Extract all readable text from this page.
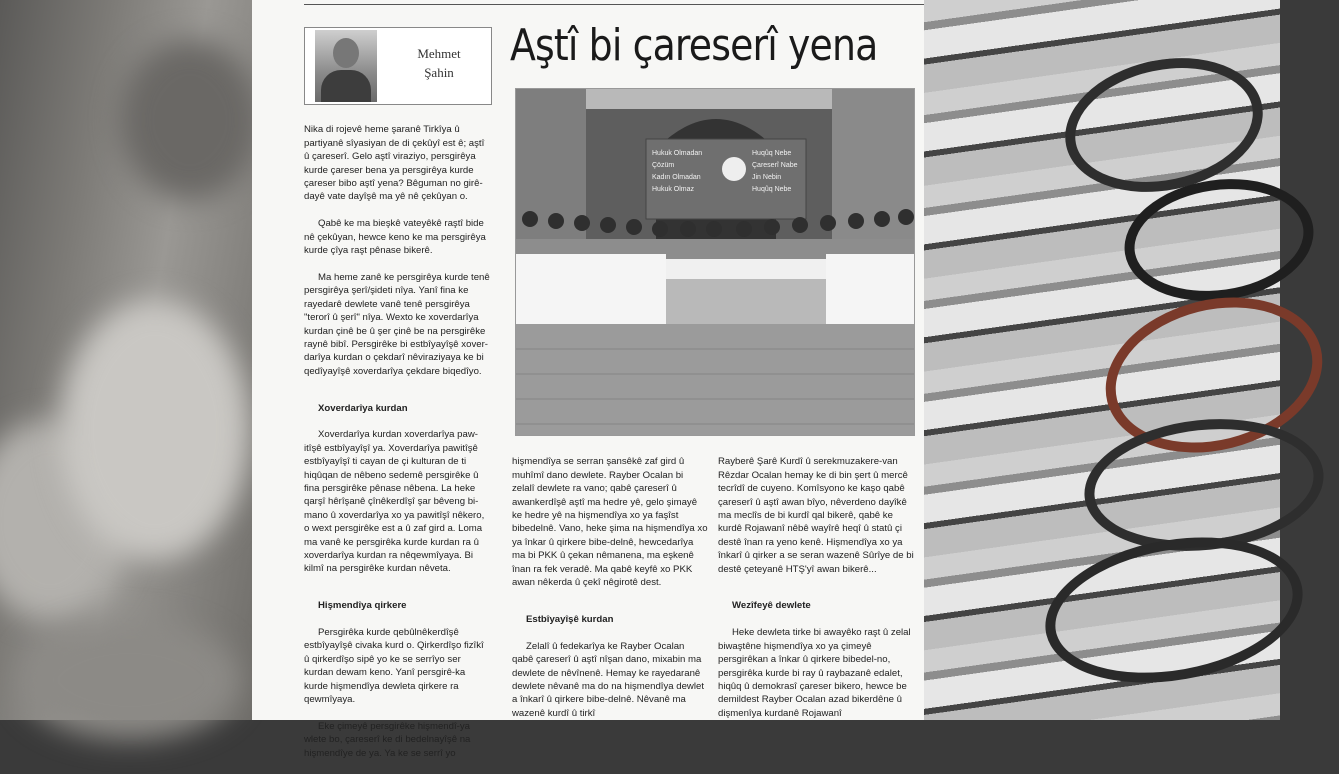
Mehmet
Şahin
Aştî bi çareserî yena
Hukuk Olmadan
Çözüm
Kadın Olmadan
Hukuk Olmaz
Huqûq Nebe
Çareserî Nabe
Jin Nebin
Huqûq Nebe

Nika di rojevê heme şaranê Tirkîya û partiyanê sîyasiyan de di çekûyî est ê; aştî û çareserî. Gelo aştî viraziyo, persgirêya kurde çareser bena ya persgirêya kurde çareser bibo aştî yena? Bêguman no girê-dayê vate dayîşê ma yê nê çekûyan o.

Qabê ke ma bieşkê vateyêkê raştî bide nê çekûyan, hewce keno ke ma persgirêya kurde çîya raşt pênase bikerê.

Ma heme zanê ke persgirêya kurde tenê persgirêya şerî/şideti nîya. Yanî fina ke rayedarê dewlete vanê tenê persgirêya "terorî û şerî" nîya. Wexto ke xoverdarîya kurdan çinê be û şer çinê be na persgirêke raynê bibî. Persgirêke bi estbîyayîşê xover-darîya kurdan o çekdarî nêviraziyaya ke bi qedîyayîşê xoverdarîya çekdare biqedîyo.

Xoverdarîya kurdan

Xoverdarîya kurdan xoverdarîya paw-itîşê estbîyayîşî ya. Xoverdarîya pawitîşê estbîyayîşî ti cayan de çi kulturan de ti hiqûqan de nêbeno sedemê persgirêke û fina persgirêke pênase nêbena. La heke qarşî hêrîşanê çînêkerdîşî şar bêveng bi-mano û xoverdarîya xo ya pawitîşî nêkero, o wext persgirêke est a û zaf gird a. Loma ma vanê ke persgirêka kurde kurdan ra û xoverdarîya kurdan ra nêqewmîyaya. Bi kilmî na persgirêke kurdan nêveta.

Hişmendîya qirkere

Persgirêka kurde qebûlnêkerdîşê estbîyayîşê civaka kurd o. Qirkerdîşo fizîkî û qirkerdîşo sipê yo ke se serrîyo ser kurdan dewam keno. Yanî persgirê-ka kurde hişmendîya dewleta qirkere ra qewmîyaya.

Eke çimeyê persgirêke hişmendî-ya wlete bo, çareserî ke di bedelnayîşê na hişmendîye de ya. Ya ke se serrî yo

hişmendîya se serran şansêkê zaf gird û muhîmî dano dewlete. Rayber Ocalan bi zelalî dewlete ra vano; qabê çareserî û awankerdîşê aştî ma hedre yê, gelo şimayê ke hedre yê na hişmendîya xo ya faşîst bibedelnê. Vano, heke şima na hişmendîya xo ya înkar û qirkere bibe-delnê, hewcedarîya ma bi PKK û çekan nêmanena, ma eşkenê înan ra fek veradê. Ma qabê keyfê xo PKK awan nêkerda û çekî nêgirotê dest.

Estbîyayîşê kurdan

Zelalî û fedekarîya ke Rayber Ocalan qabê çareserî û aştî nîşan dano, mixabin ma dewlete de nêvînenê. Hemay ke rayedaranê dewlete nêvanê ma do na hişmendîya dewlet a înkarî û qirkere bibe-delnê. Nêvanê ma wazenê kurdî û tirkî

Rayberê Şarê Kurdî û serekmuzakere-van Rêzdar Ocalan hemay ke di bin şert û mercê tecrîdî de cuyeno. Komîsyono ke kaşo qabê çareserî û aştî awan bîyo, nêverdeno dayîkê ma meclîs de bi kurdî qal bikerê, qabê ke kurdê Rojawanî nêbê wayîrê heqî û statû çi destê înan ra yeno kenê. Hişmendîya xo ya înkarî û qirker a se seran wazenê Sûrîye de bi destê çeteyanê HTŞ'yî awan bikerê...

Wezîfeyê dewlete

Heke dewleta tirke bi awayêko raşt û zelal biwaştêne hişmendîya xo ya çimeyê persgirêkan a înkar û qirkere bibedel-no, persgirêka kurde bi ray û raybazanê edalet, hiqûq û demokrasî çareser bikero, hewce be demildest Rayber Ocalan azad bikerdêne û dişmenîya kurdanê Rojawanî
